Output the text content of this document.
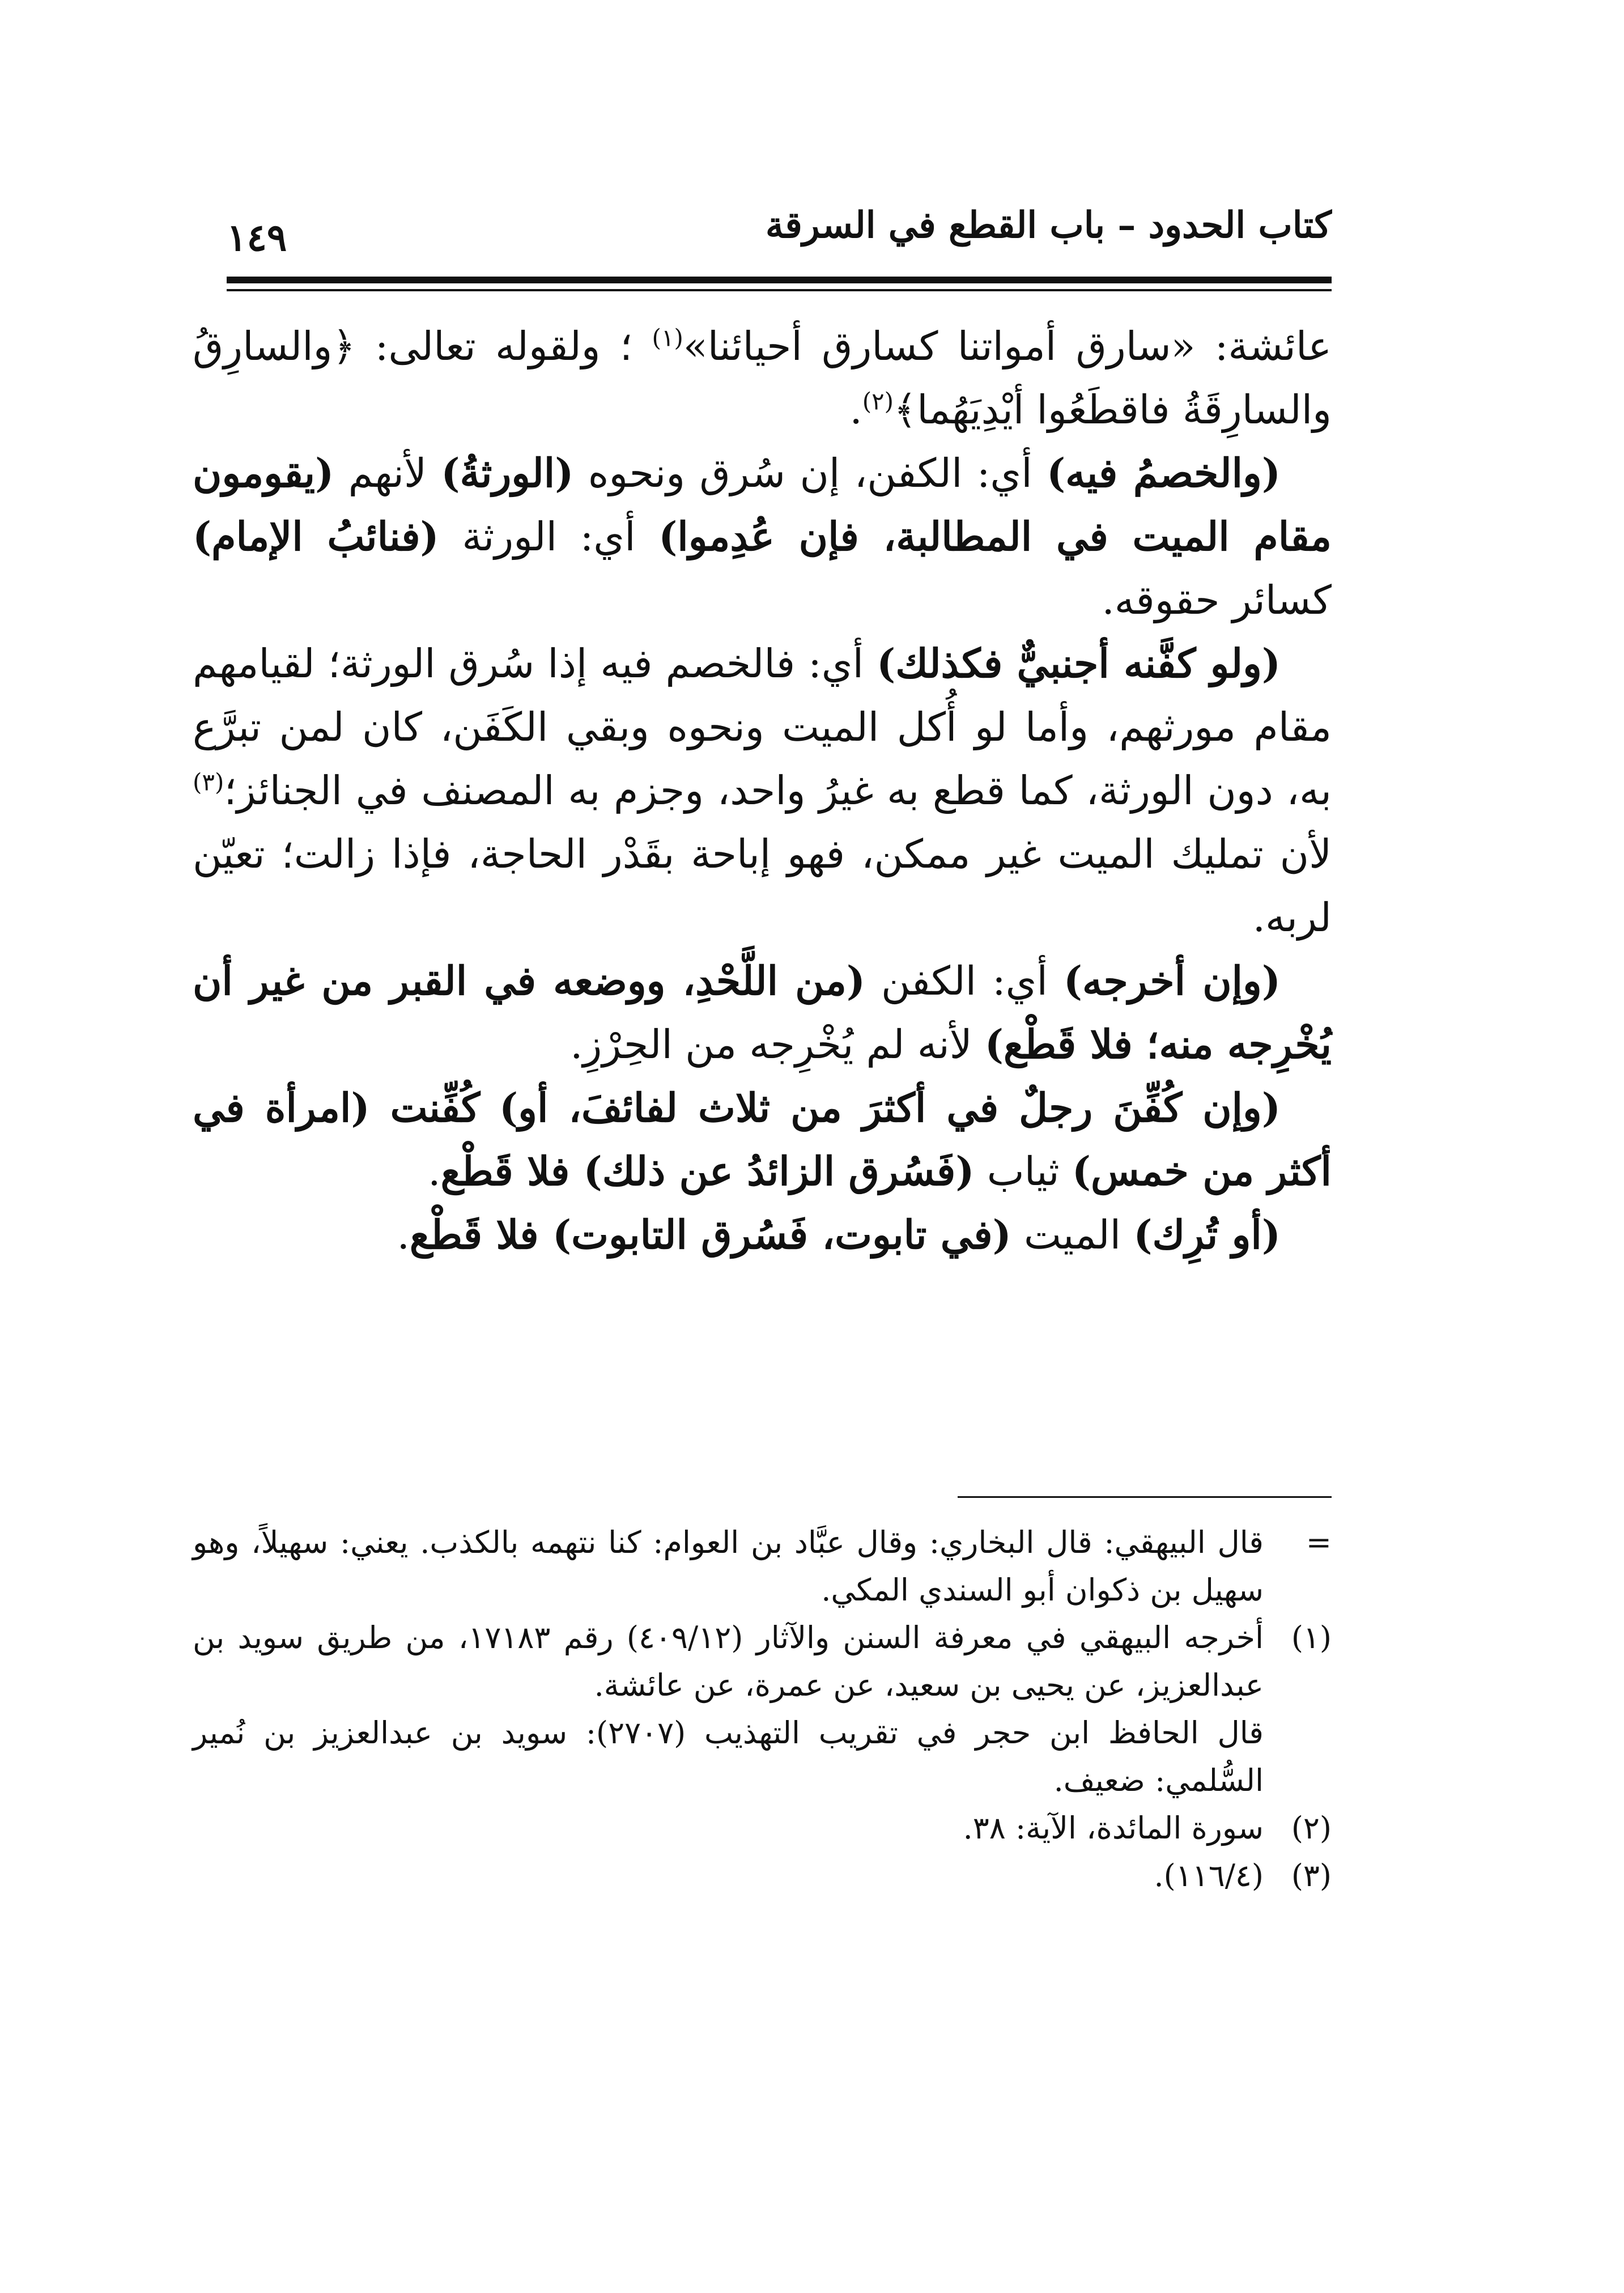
كتاب الحدود – باب القطع في السرقة
١٤٩

عائشة: «سارق أمواتنا كسارق أحيائنا»$^{(١)}$ ؛ ولقوله تعالى: ﴿والسارِقُ والسارِقَةُ فاقطَعُوا أيْدِيَهُما﴾$^{(٢)}$.

(والخصمُ فيه) أي: الكفن، إن سُرق ونحوه (الورثةُ) لأنهم (يقومون مقام الميت في المطالبة، فإن عُدِموا) أي: الورثة (فنائبُ الإمام) كسائر حقوقه.

(ولو كفَّنه أجنبيٌّ فكذلك) أي: فالخصم فيه إذا سُرق الورثة؛ لقيامهم مقام مورثهم، وأما لو أُكل الميت ونحوه وبقي الكَفَن، كان لمن تبرَّع به، دون الورثة، كما قطع به غيرُ واحد، وجزم به المصنف في الجنائز؛$^{(٣)}$ لأن تمليك الميت غير ممكن، فهو إباحة بقَدْر الحاجة، فإذا زالت؛ تعيّن لربه.

(وإن أخرجه) أي: الكفن (من اللَّحْدِ، ووضعه في القبر من غير أن يُخْرِجه منه؛ فلا قَطْع) لأنه لم يُخْرِجه من الحِرْزِ.

(وإن كُفِّنَ رجلٌ في أكثرَ من ثلاث لفائفَ، أو) كُفِّنت (امرأة في أكثر من خمس) ثياب (فَسُرق الزائدُ عن ذلك) فلا قَطْع.

(أو تُرِك) الميت (في تابوت، فَسُرق التابوت) فلا قَطْع.

=
قال البيهقي: قال البخاري: وقال عبَّاد بن العوام: كنا نتهمه بالكذب. يعني: سهيلاً، وهو سهيل بن ذكوان أبو السندي المكي.

(١)
أخرجه البيهقي في معرفة السنن والآثار (٤٠٩/١٢) رقم ١٧١٨٣، من طريق سويد بن عبدالعزيز، عن يحيى بن سعيد، عن عمرة، عن عائشة.

قال الحافظ ابن حجر في تقريب التهذيب (٢٧٠٧): سويد بن عبدالعزيز بن نُمير السُّلمي: ضعيف.

(٢)
سورة المائدة، الآية: ٣٨.

(٣)
(١١٦/٤).
